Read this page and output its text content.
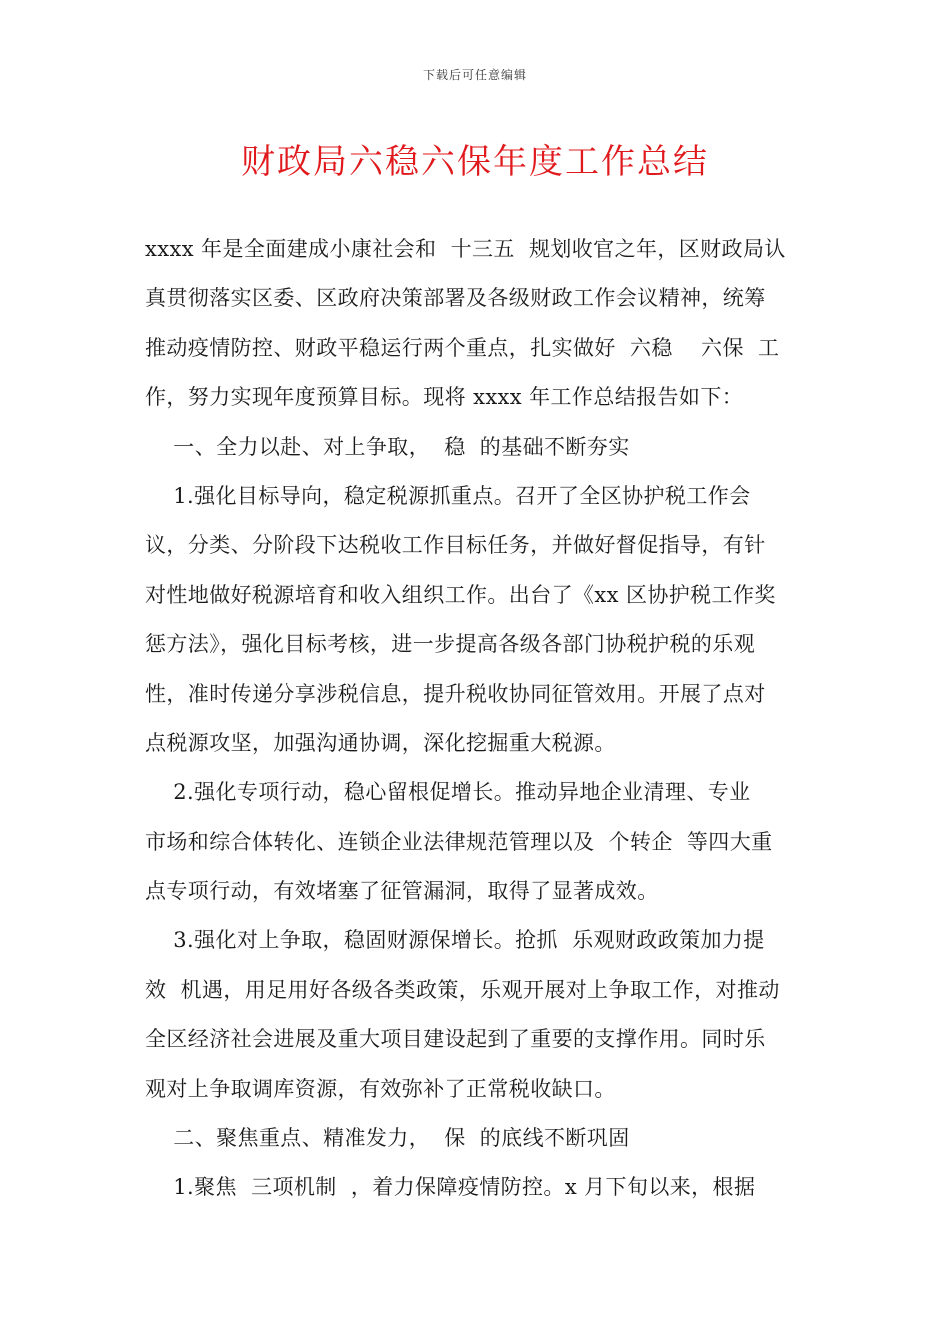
下载后可任意编辑
财政局六稳六保年度工作总结
xxxx 年是全面建成小康社会和  十三五  规划收官之年，区财政局认
真贯彻落实区委、区政府决策部署及各级财政工作会议精神，统筹
推动疫情防控、财政平稳运行两个重点，扎实做好  六稳    六保  工
作，努力实现年度预算目标。现将 xxxx 年工作总结报告如下：
一、全力以赴、对上争取，  稳  的基础不断夯实
1.强化目标导向，稳定税源抓重点。召开了全区协护税工作会
议，分类、分阶段下达税收工作目标任务，并做好督促指导，有针
对性地做好税源培育和收入组织工作。出台了《xx 区协护税工作奖
惩方法》，强化目标考核，进一步提高各级各部门协税护税的乐观
性，准时传递分享涉税信息，提升税收协同征管效用。开展了点对
点税源攻坚，加强沟通协调，深化挖掘重大税源。
2.强化专项行动，稳心留根促增长。推动异地企业清理、专业
市场和综合体转化、连锁企业法律规范管理以及  个转企  等四大重
点专项行动，有效堵塞了征管漏洞，取得了显著成效。
3.强化对上争取，稳固财源保增长。抢抓  乐观财政政策加力提
效  机遇，用足用好各级各类政策，乐观开展对上争取工作，对推动
全区经济社会进展及重大项目建设起到了重要的支撑作用。同时乐
观对上争取调库资源，有效弥补了正常税收缺口。
二、聚焦重点、精准发力，  保  的底线不断巩固
1.聚焦  三项机制  ，着力保障疫情防控。x 月下旬以来，根据
